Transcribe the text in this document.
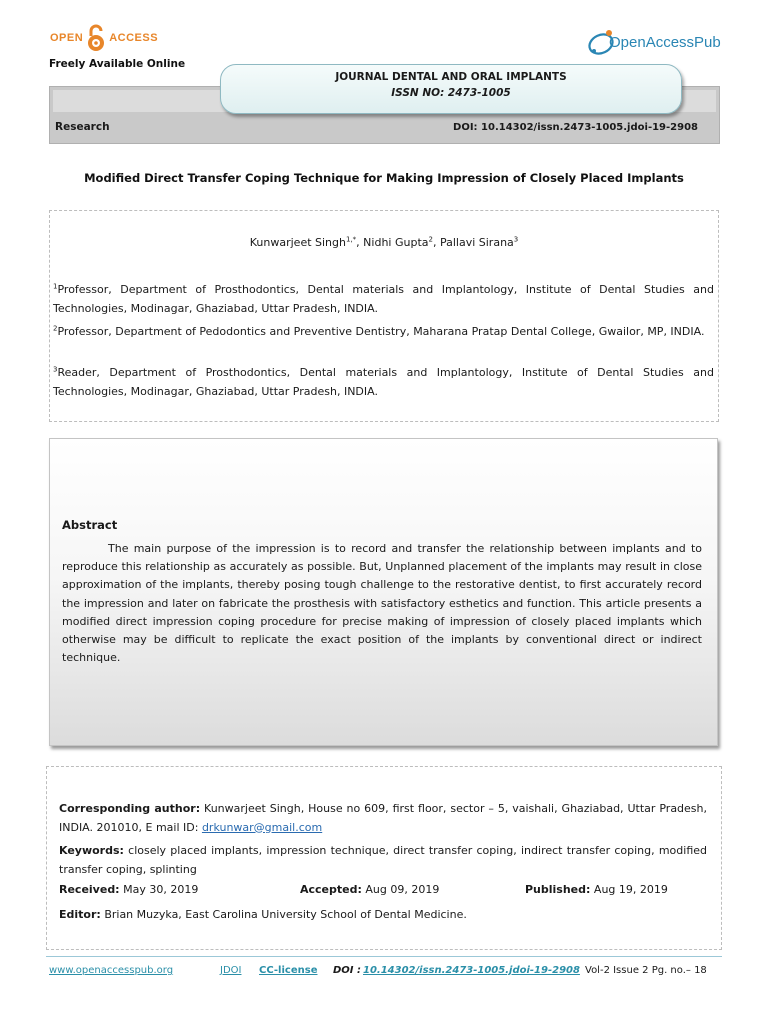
OPEN ACCESS
Freely Available Online
OpenAccessPub
JOURNAL DENTAL AND ORAL IMPLANTS
ISSN NO: 2473-1005
Research	DOI: 10.14302/issn.2473-1005.jdoi-19-2908
Modified Direct Transfer Coping Technique for Making Impression of Closely Placed Implants
Kunwarjeet Singh$^{1,*}$, Nidhi Gupta$^2$, Pallavi Sirana$^3$
$^1$Professor, Department of Prosthodontics, Dental materials and Implantology, Institute of Dental Studies and Technologies, Modinagar, Ghaziabad, Uttar Pradesh, INDIA.
$^2$Professor, Department of Pedodontics and Preventive Dentistry, Maharana Pratap Dental College, Gwailor, MP, INDIA.
$^3$Reader, Department of Prosthodontics, Dental materials and Implantology, Institute of Dental Studies and Technologies, Modinagar, Ghaziabad, Uttar Pradesh, INDIA.
Abstract
The main purpose of the impression is to record and transfer the relationship between implants and to reproduce this relationship as accurately as possible. But, Unplanned placement of the implants may result in close approximation of the implants, thereby posing tough challenge to the restorative dentist, to first accurately record the impression and later on fabricate the prosthesis with satisfactory esthetics and function. This article presents a modified direct impression coping procedure for precise making of impression of closely placed implants which otherwise may be difficult to replicate the exact position of the implants by conventional direct or indirect technique.
Corresponding author: Kunwarjeet Singh, House no 609, first floor, sector – 5, vaishali, Ghaziabad, Uttar Pradesh, INDIA. 201010, E mail ID: drkunwar@gmail.com
Keywords: closely placed implants, impression technique, direct transfer coping, indirect transfer coping, modified transfer coping, splinting
Received: May 30, 2019	Accepted: Aug 09, 2019	Published: Aug 19, 2019
Editor: Brian Muzyka, East Carolina University School of Dental Medicine.
www.openaccesspub.org	JDOI CC-license DOI : 10.14302/issn.2473-1005.jdoi-19-2908 Vol-2 Issue 2 Pg. no.– 18
